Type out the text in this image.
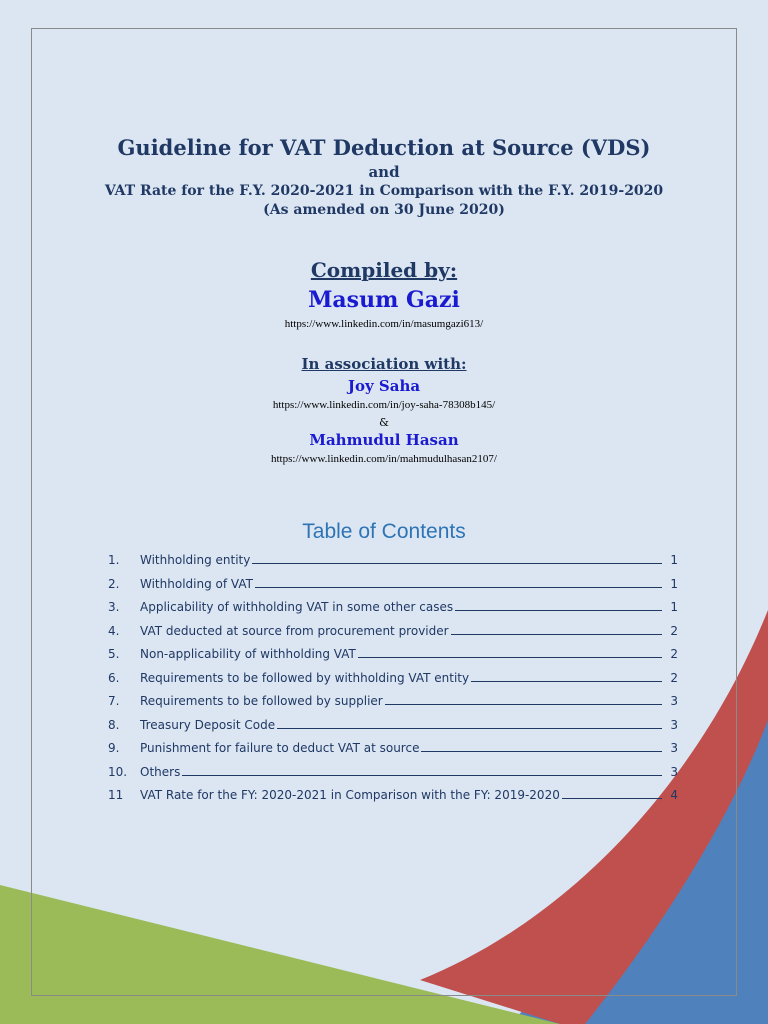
Guideline for VAT Deduction at Source (VDS)
and
VAT Rate for the F.Y. 2020-2021 in Comparison with the F.Y. 2019-2020
(As amended on 30 June 2020)
Compiled by:
Masum Gazi
https://www.linkedin.com/in/masumgazi613/
In association with:
Joy Saha
https://www.linkedin.com/in/joy-saha-78308b145/
&
Mahmudul Hasan
https://www.linkedin.com/in/mahmudulhasan2107/
Table of Contents
1.	Withholding entity	1
2.	Withholding of VAT	1
3.	Applicability of withholding VAT in some other cases	1
4.	VAT deducted at source from procurement provider	2
5.	Non-applicability of withholding VAT	2
6.	Requirements to be followed by withholding VAT entity	2
7.	Requirements to be followed by supplier	3
8.	Treasury Deposit Code	3
9.	Punishment for failure to deduct VAT at source	3
10.	Others	3
11	VAT Rate for the FY: 2020-2021 in Comparison with the FY: 2019-2020	4
